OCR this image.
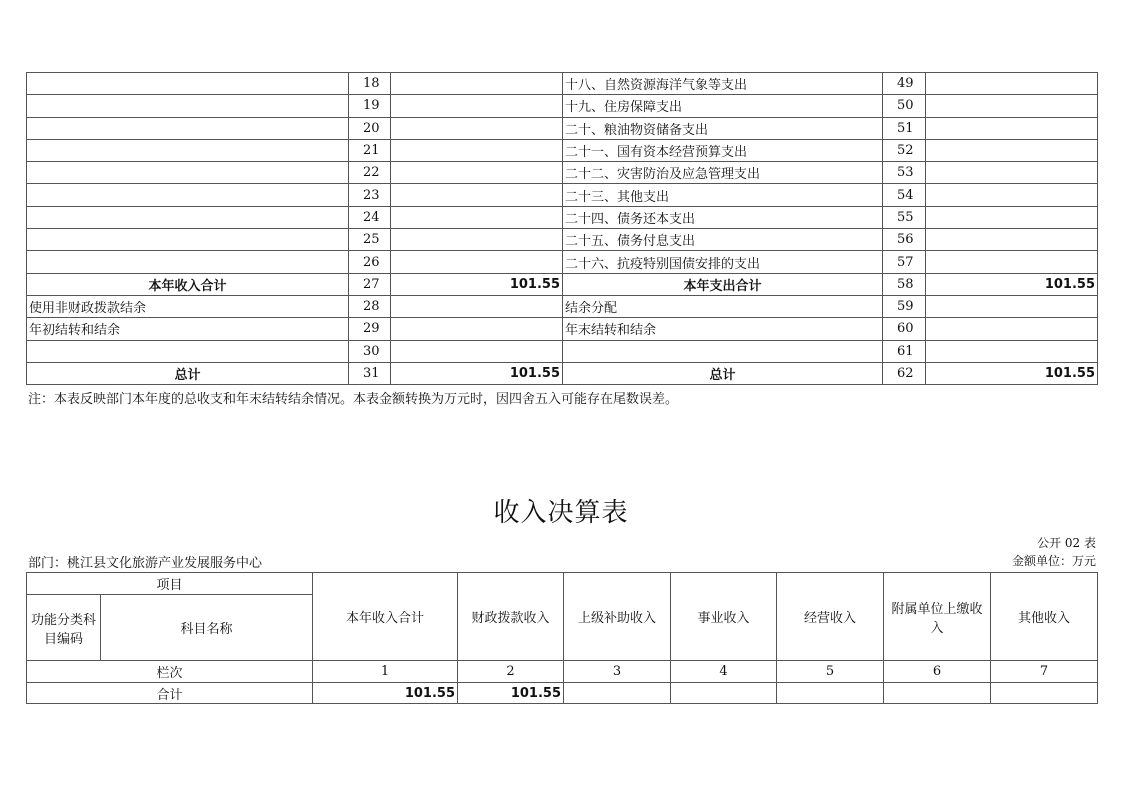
	18		十八、自然资源海洋气象等支出	49	
	19		十九、住房保障支出	50	
	20		二十、粮油物资储备支出	51	
	21		二十一、国有资本经营预算支出	52	
	22		二十二、灾害防治及应急管理支出	53	
	23		二十三、其他支出	54	
	24		二十四、债务还本支出	55	
	25		二十五、债务付息支出	56	
	26		二十六、抗疫特别国债安排的支出	57	
本年收入合计	27	101.55	本年支出合计	58	101.55
使用非财政拨款结余	28		结余分配	59	
年初结转和结余	29		年末结转和结余	60	
	30			61	
总计	31	101.55	总计	62	101.55
注：本表反映部门本年度的总收支和年末结转结余情况。本表金额转换为万元时，因四舍五入可能存在尾数误差。
收入决算表
公开 02 表
部门：桃江县文化旅游产业发展服务中心	金额单位：万元
项目		本年收入合计	财政拨款收入	上级补助收入	事业收入	经营收入	附属单位上缴收入	其他收入
功能分类科目编码	科目名称							
栏次		1	2	3	4	5	6	7
合计		101.55	101.55					
